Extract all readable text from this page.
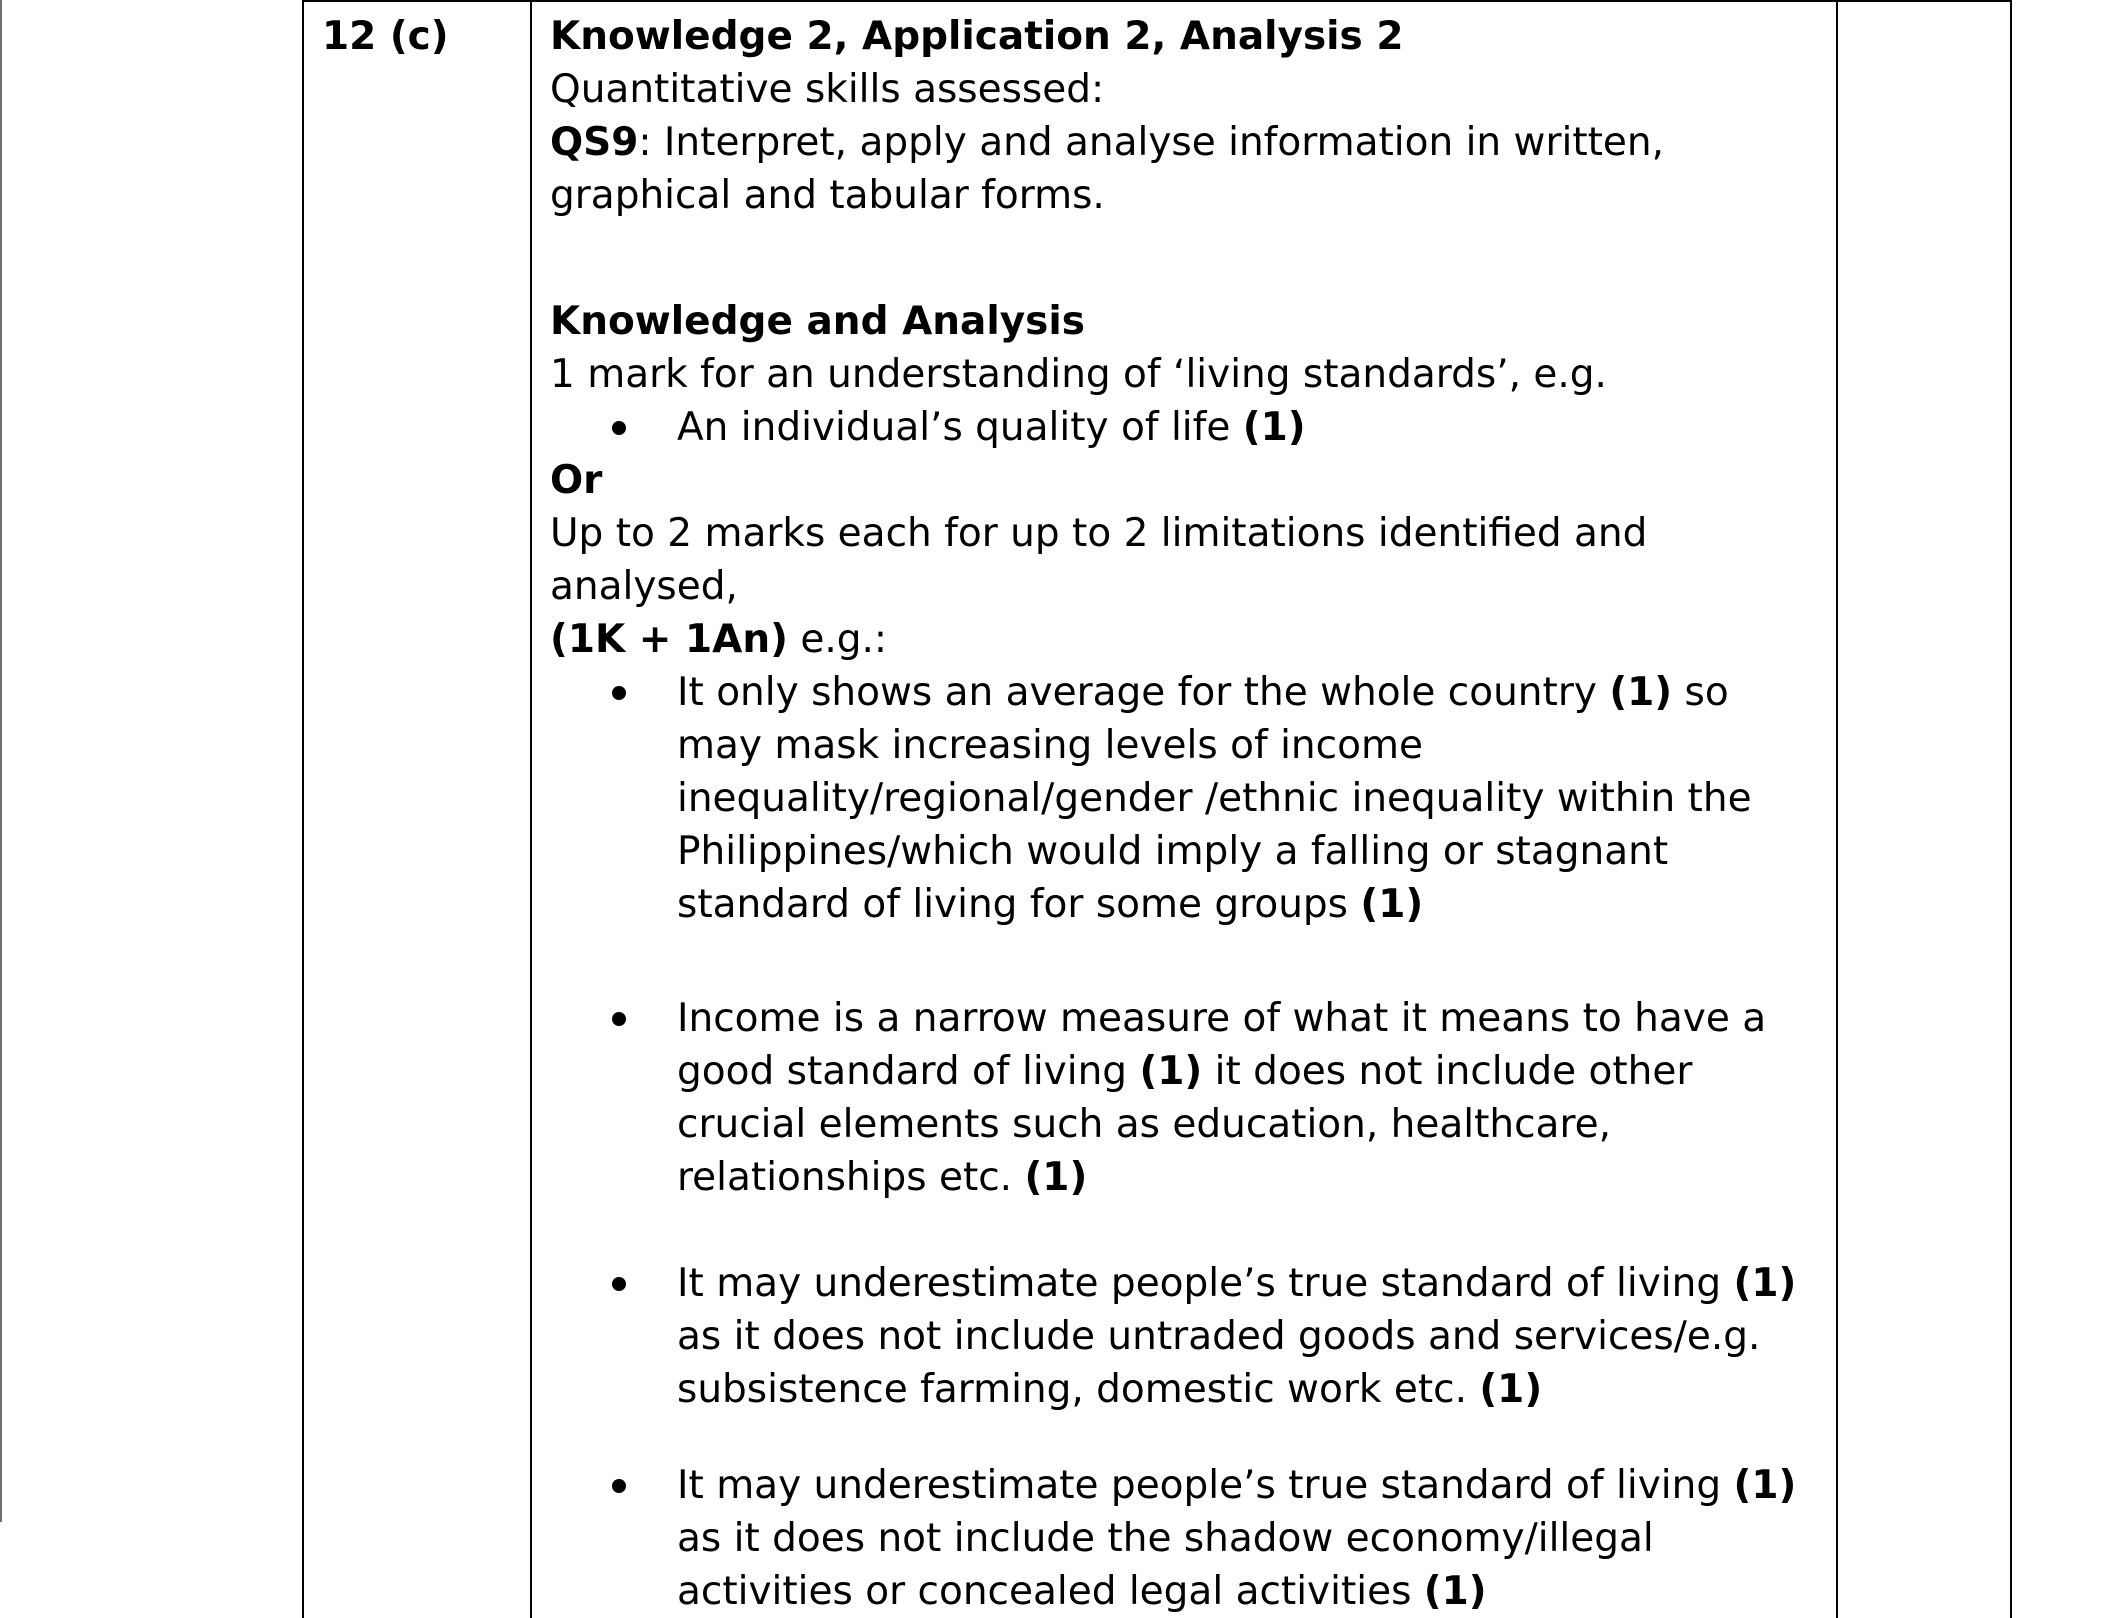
12 (c)	Knowledge 2, Application 2, Analysis 2

Quantitative skills assessed:

QS9: Interpret, apply and analyse information in written, graphical and tabular forms.

Knowledge and Analysis

1 mark for an understanding of ‘living standards’, e.g.

An individual’s quality of life (1)

Or

Up to 2 marks each for up to 2 limitations identified and analysed,
(1K + 1An) e.g.:

It only shows an average for the whole country (1) so may mask increasing levels of income inequality/regional/gender /ethnic inequality within the Philippines/which would imply a falling or stagnant standard of living for some groups (1)
Income is a narrow measure of what it means to have a good standard of living (1) it does not include other crucial elements such as education, healthcare, relationships etc. (1)
It may underestimate people’s true standard of living (1) as it does not include untraded goods and services/e.g. subsistence farming, domestic work etc. (1)
It may underestimate people’s true standard of living (1) as it does not include the shadow economy/illegal activities or concealed legal activities (1)
